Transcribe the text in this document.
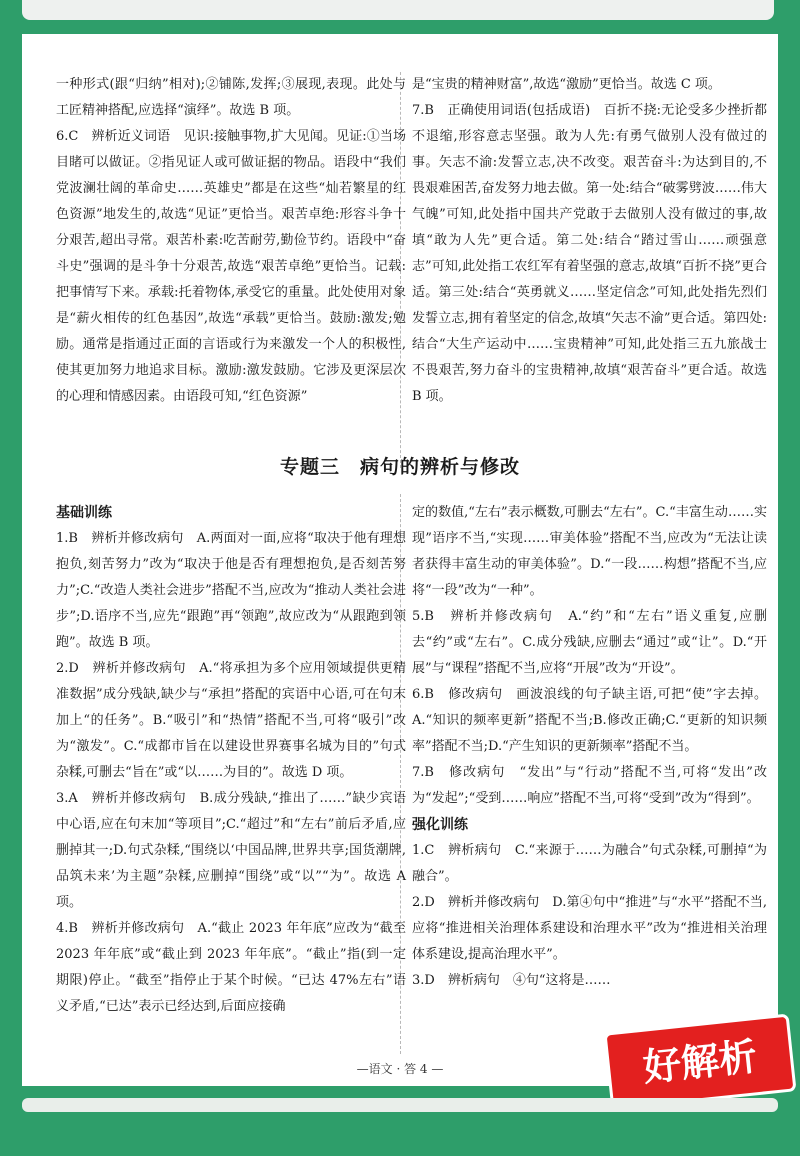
一种形式(跟“归纳”相对);②铺陈,发挥;③展现,表现。此处与工匠精神搭配,应选择“演绎”。故选 B 项。

6.C　辨析近义词语　见识:接触事物,扩大见闻。见证:①当场目睹可以做证。②指见证人或可做证据的物品。语段中“我们党波澜壮阔的革命史……英雄史”都是在这些“灿若繁星的红色资源”地发生的,故选“见证”更恰当。艰苦卓绝:形容斗争十分艰苦,超出寻常。艰苦朴素:吃苦耐劳,勤俭节约。语段中“奋斗史”强调的是斗争十分艰苦,故选“艰苦卓绝”更恰当。记载:把事情写下来。承载:托着物体,承受它的重量。此处使用对象是“薪火相传的红色基因”,故选“承载”更恰当。鼓励:激发;勉励。通常是指通过正面的言语或行为来激发一个人的积极性,使其更加努力地追求目标。激励:激发鼓励。它涉及更深层次的心理和情感因素。由语段可知,“红色资源”

是“宝贵的精神财富”,故选“激励”更恰当。故选 C 项。

7.B　正确使用词语(包括成语)　百折不挠:无论受多少挫折都不退缩,形容意志坚强。敢为人先:有勇气做别人没有做过的事。矢志不渝:发誓立志,决不改变。艰苦奋斗:为达到目的,不畏艰难困苦,奋发努力地去做。第一处:结合“破雾劈波……伟大气魄”可知,此处指中国共产党敢于去做别人没有做过的事,故填“敢为人先”更合适。第二处:结合“踏过雪山……顽强意志”可知,此处指工农红军有着坚强的意志,故填“百折不挠”更合适。第三处:结合“英勇就义……坚定信念”可知,此处指先烈们发誓立志,拥有着坚定的信念,故填“矢志不渝”更合适。第四处:结合“大生产运动中……宝贵精神”可知,此处指三五九旅战士不畏艰苦,努力奋斗的宝贵精神,故填“艰苦奋斗”更合适。故选 B 项。

专题三　病句的辨析与修改

基础训练

1.B　辨析并修改病句　A.两面对一面,应将“取决于他有理想抱负,刻苦努力”改为“取决于他是否有理想抱负,是否刻苦努力”;C.“改造人类社会进步”搭配不当,应改为“推动人类社会进步”;D.语序不当,应先“跟跑”再“领跑”,故应改为“从跟跑到领跑”。故选 B 项。

2.D　辨析并修改病句　A.“将承担为多个应用领域提供更精准数据”成分残缺,缺少与“承担”搭配的宾语中心语,可在句末加上“的任务”。B.“吸引”和“热情”搭配不当,可将“吸引”改为“激发”。C.“成都市旨在以建设世界赛事名城为目的”句式杂糅,可删去“旨在”或“以……为目的”。故选 D 项。

3.A　辨析并修改病句　B.成分残缺,“推出了……”缺少宾语中心语,应在句末加“等项目”;C.“超过”和“左右”前后矛盾,应删掉其一;D.句式杂糅,“围绕以‘中国品牌,世界共享;国货潮牌,品筑未来’为主题”杂糅,应删掉“围绕”或“以”“为”。故选 A 项。

4.B　辨析并修改病句　A.“截止 2023 年年底”应改为“截至 2023 年年底”或“截止到 2023 年年底”。“截止”指(到一定期限)停止。“截至”指停止于某个时候。“已达 47%左右”语义矛盾,“已达”表示已经达到,后面应接确

定的数值,“左右”表示概数,可删去“左右”。C.“丰富生动……实现”语序不当,“实现……审美体验”搭配不当,应改为“无法让读者获得丰富生动的审美体验”。D.“一段……构想”搭配不当,应将“一段”改为“一种”。

5.B　辨析并修改病句　A.“约”和“左右”语义重复,应删去“约”或“左右”。C.成分残缺,应删去“通过”或“让”。D.“开展”与“课程”搭配不当,应将“开展”改为“开设”。

6.B　修改病句　画波浪线的句子缺主语,可把“使”字去掉。A.“知识的频率更新”搭配不当;B.修改正确;C.“更新的知识频率”搭配不当;D.“产生知识的更新频率”搭配不当。

7.B　修改病句　“发出”与“行动”搭配不当,可将“发出”改为“发起”;“受到……响应”搭配不当,可将“受到”改为“得到”。

强化训练

1.C　辨析病句　C.“来源于……为融合”句式杂糅,可删掉“为融合”。

2.D　辨析并修改病句　D.第④句中“推进”与“水平”搭配不当,应将“推进相关治理体系建设和治理水平”改为“推进相关治理体系建设,提高治理水平”。

3.D　辨析病句　④句“这将是……

—语文 · 答 4 —	好解析
